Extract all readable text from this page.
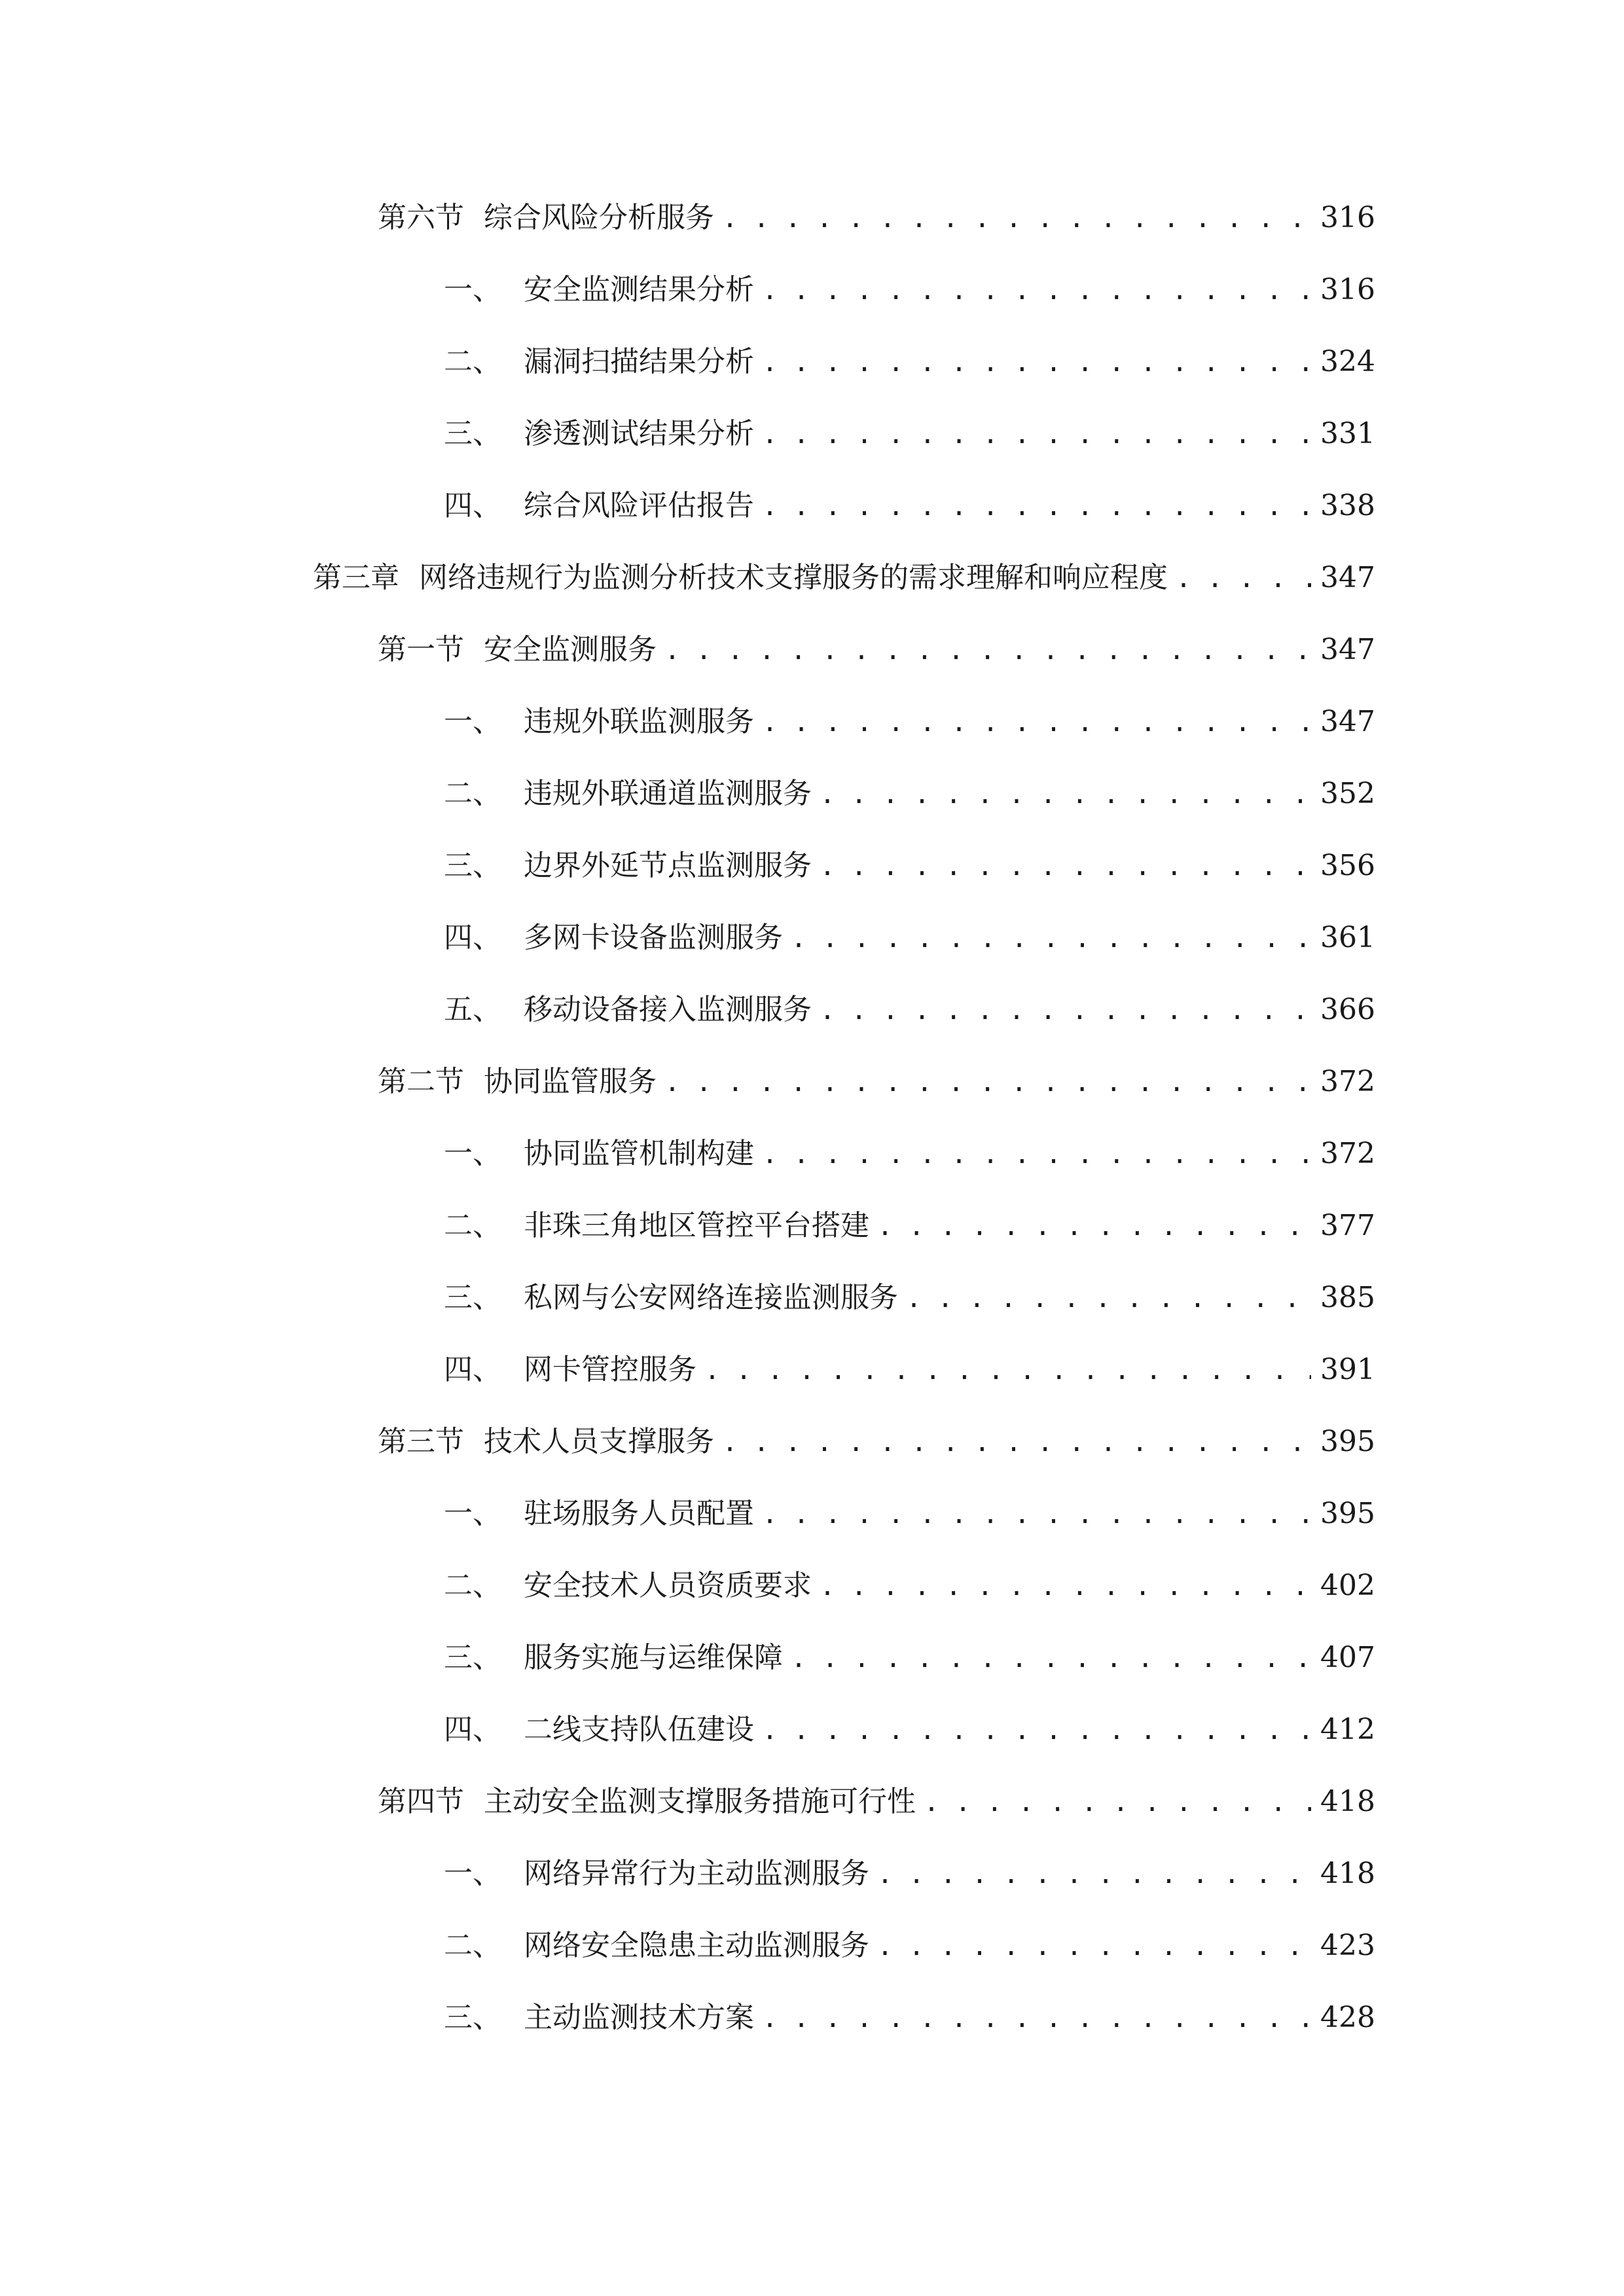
第六节 综合风险分析服务 . . .	316
一、 安全监测结果分析 . . .	316
二、 漏洞扫描结果分析 . . .	324
三、 渗透测试结果分析 . . .	331
四、 综合风险评估报告 . . .	338
第三章 网络违规行为监测分析技术支撑服务的需求理解和响应程度 . . .	347
第一节 安全监测服务 . . .	347
一、 违规外联监测服务 . . .	347
二、 违规外联通道监测服务 . . .	352
三、 边界外延节点监测服务 . . .	356
四、 多网卡设备监测服务 . . .	361
五、 移动设备接入监测服务 . . .	366
第二节 协同监管服务 . . .	372
一、 协同监管机制构建 . . .	372
二、 非珠三角地区管控平台搭建 . . .	377
三、 私网与公安网络连接监测服务 . . .	385
四、 网卡管控服务 . . .	391
第三节 技术人员支撑服务 . . .	395
一、 驻场服务人员配置 . . .	395
二、 安全技术人员资质要求 . . .	402
三、 服务实施与运维保障 . . .	407
四、 二线支持队伍建设 . . .	412
第四节 主动安全监测支撑服务措施可行性 . . .	418
一、 网络异常行为主动监测服务 . . .	418
二、 网络安全隐患主动监测服务 . . .	423
三、 主动监测技术方案 . . .	428
